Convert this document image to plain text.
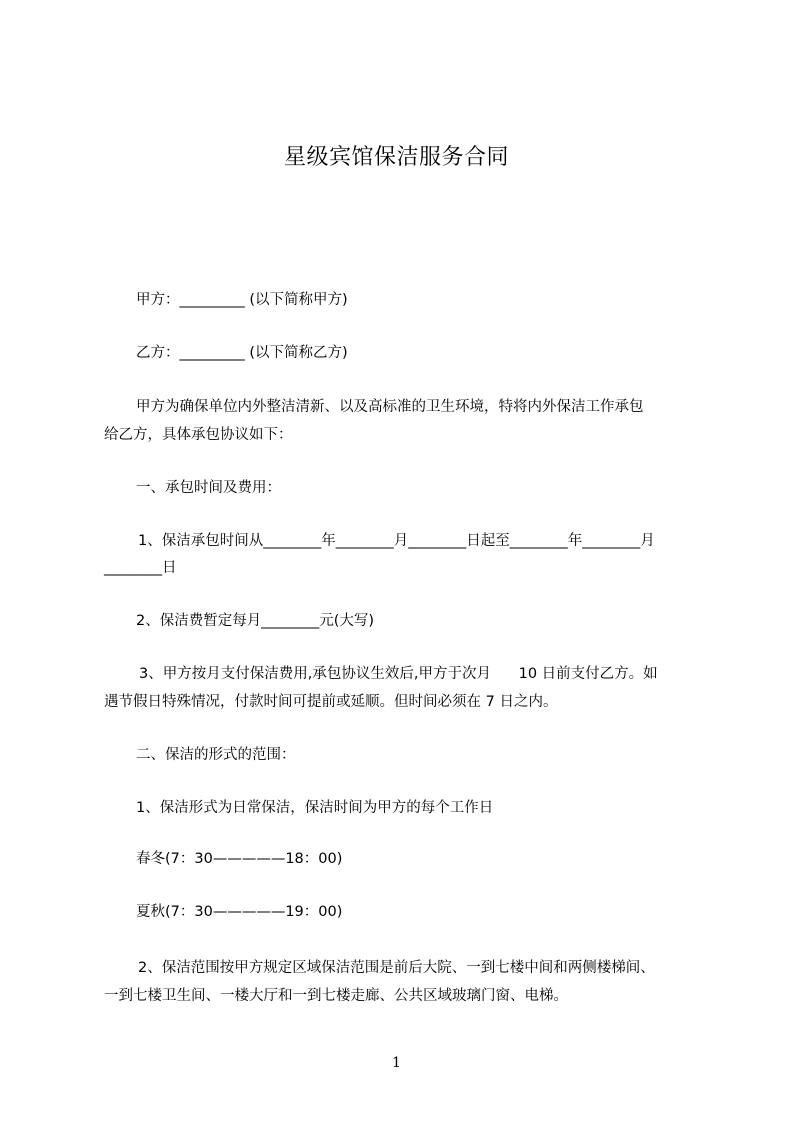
星级宾馆保洁服务合同
甲方：_________ (以下简称甲方)
乙方：_________ (以下简称乙方)
甲方为确保单位内外整洁清新、以及高标准的卫生环境，特将内外保洁工作承包
给乙方，具体承包协议如下：
一、承包时间及费用：
1、保洁承包时间从________年________月________日起至________年________月
________日
2、保洁费暂定每月________元(大写)
3、甲方按月支付保洁费用,承包协议生效后,甲方于次月      10 日前支付乙方。如
遇节假日特殊情况，付款时间可提前或延顺。但时间必须在 7 日之内。
二、保洁的形式的范围：
1、保洁形式为日常保洁，保洁时间为甲方的每个工作日
春冬(7：30—————18：00)
夏秋(7：30—————19：00)
2、保洁范围按甲方规定区域保洁范围是前后大院、一到七楼中间和两侧楼梯间、
一到七楼卫生间、一楼大厅和一到七楼走廊、公共区域玻璃门窗、电梯。
1
